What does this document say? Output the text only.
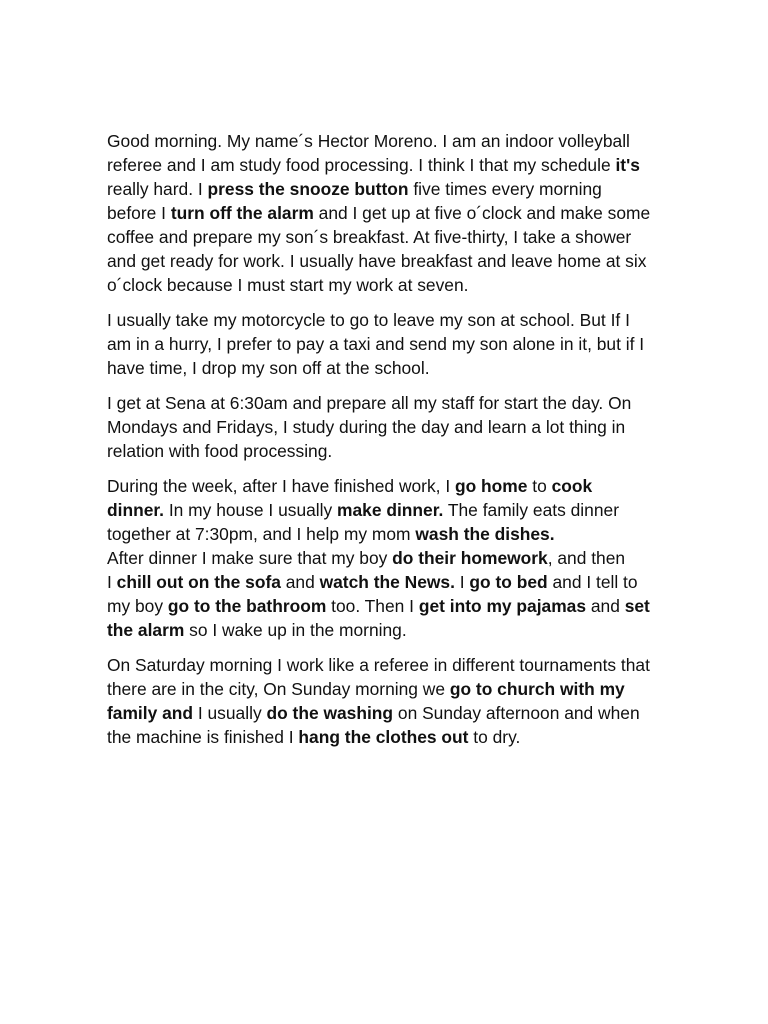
Good morning. My name´s Hector Moreno. I am an indoor volleyball
referee and I am study food processing. I think I that my schedule it's
really hard. I press the snooze button five times every morning
before I turn off the alarm and I get up at five o´clock and make some
coffee and prepare my son´s breakfast. At five-thirty, I take a shower
and get ready for work. I usually have breakfast and leave home at six
o´clock because I must start my work at seven.

I usually take my motorcycle to go to leave my son at school. But If I
am in a hurry, I prefer to pay a taxi and send my son alone in it, but if I
have time, I drop my son off at the school.

I get at Sena at 6:30am and prepare all my staff for start the day. On
Mondays and Fridays, I study during the day and learn a lot thing in
relation with food processing.

During the week, after I have finished work, I go home to cook
dinner. In my house I usually make dinner. The family eats dinner
together at 7:30pm, and I help my mom wash the dishes.
After dinner I make sure that my boy do their homework, and then
I chill out on the sofa and watch the News. I go to bed and I tell to
my boy go to the bathroom too. Then I get into my pajamas and set
the alarm so I wake up in the morning.

On Saturday morning I work like a referee in different tournaments that
there are in the city, On Sunday morning we go to church with my
family and I usually do the washing on Sunday afternoon and when
the machine is finished I hang the clothes out to dry.
